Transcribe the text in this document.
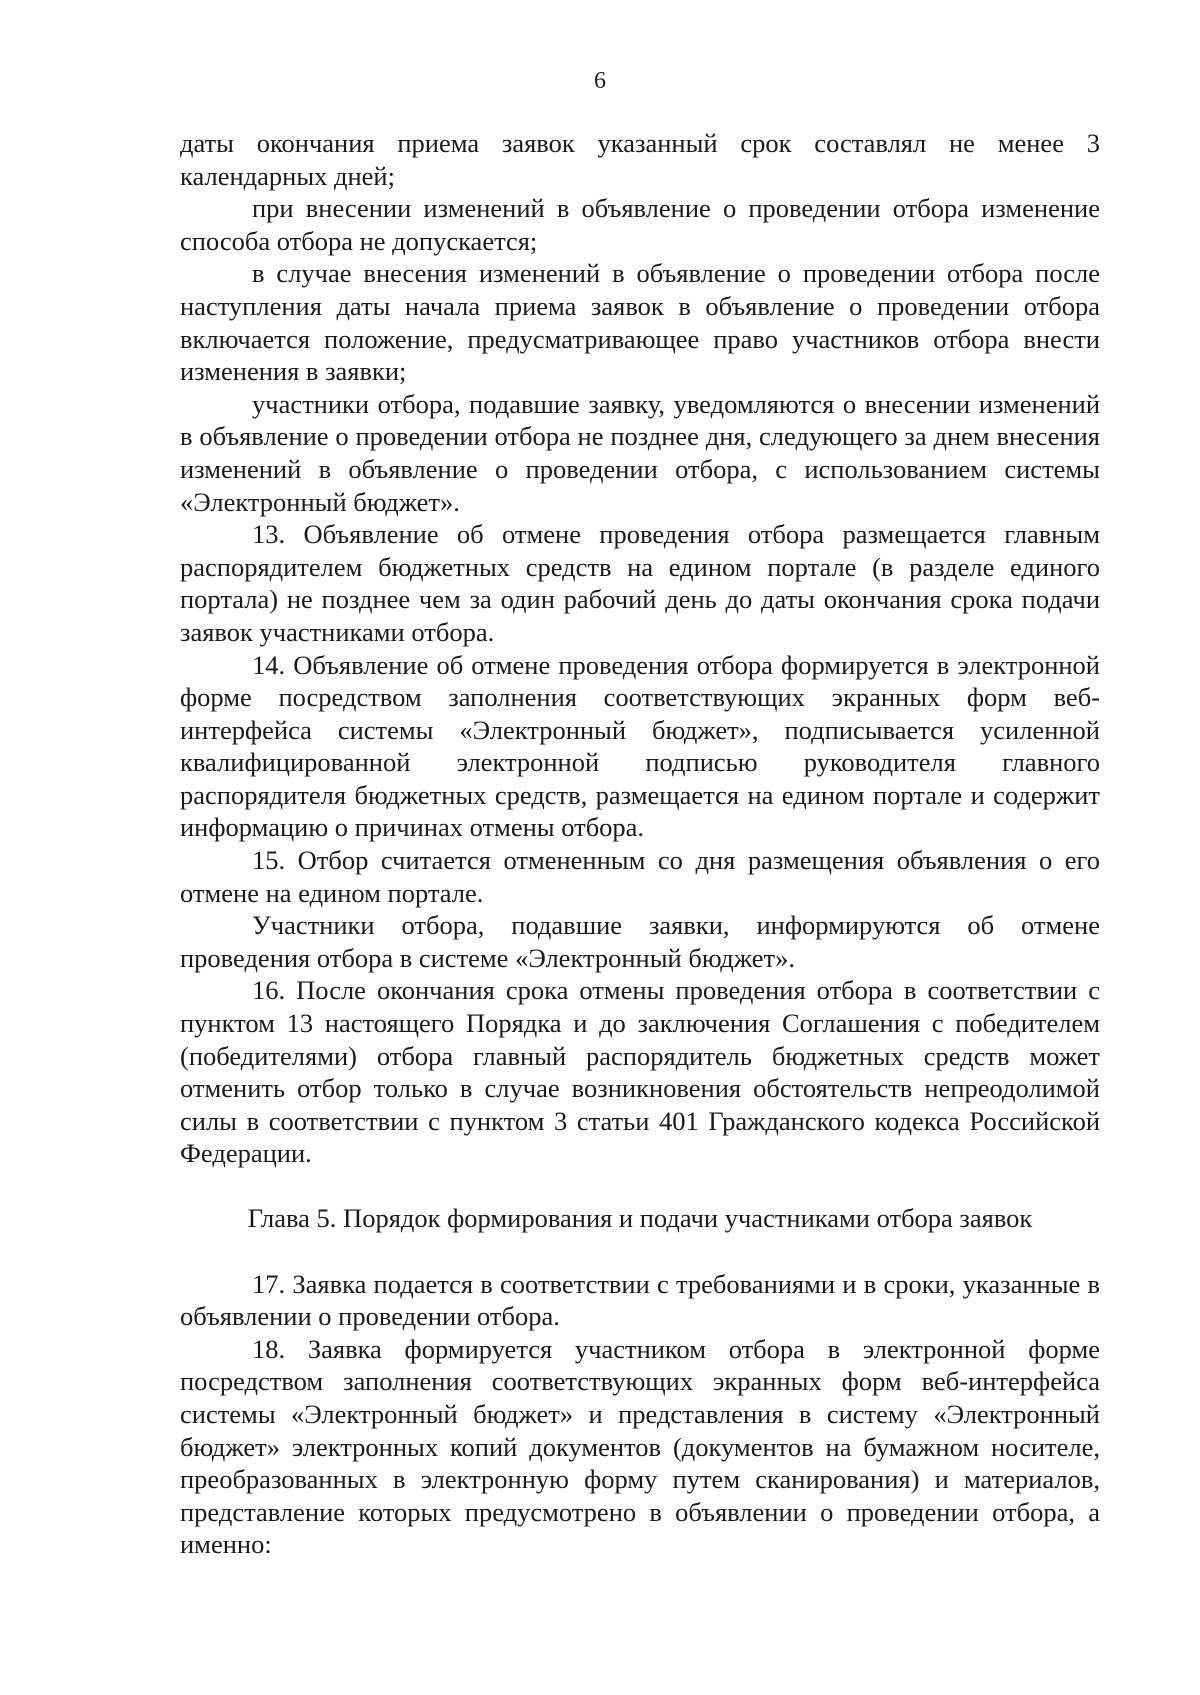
6

даты окончания приема заявок указанный срок составлял не менее 3 календарных дней;

при внесении изменений в объявление о проведении отбора изменение способа отбора не допускается;

в случае внесения изменений в объявление о проведении отбора после наступления даты начала приема заявок в объявление о проведении отбора включается положение, предусматривающее право участников отбора внести изменения в заявки;

участники отбора, подавшие заявку, уведомляются о внесении изменений в объявление о проведении отбора не позднее дня, следующего за днем внесения изменений в объявление о проведении отбора, с использованием системы «Электронный бюджет».

13. Объявление об отмене проведения отбора размещается главным распорядителем бюджетных средств на едином портале (в разделе единого портала) не позднее чем за один рабочий день до даты окончания срока подачи заявок участниками отбора.

14. Объявление об отмене проведения отбора формируется в электронной форме посредством заполнения соответствующих экранных форм веб-интерфейса системы «Электронный бюджет», подписывается усиленной квалифицированной электронной подписью руководителя главного распорядителя бюджетных средств, размещается на едином портале и содержит информацию о причинах отмены отбора.

15. Отбор считается отмененным со дня размещения объявления о его отмене на едином портале.

Участники отбора, подавшие заявки, информируются об отмене проведения отбора в системе «Электронный бюджет».

16. После окончания срока отмены проведения отбора в соответствии с пунктом 13 настоящего Порядка и до заключения Соглашения с победителем (победителями) отбора главный распорядитель бюджетных средств может отменить отбор только в случае возникновения обстоятельств непреодолимой силы в соответствии с пунктом 3 статьи 401 Гражданского кодекса Российской Федерации.

Глава 5. Порядок формирования и подачи участниками отбора заявок

17. Заявка подается в соответствии с требованиями и в сроки, указанные в объявлении о проведении отбора.

18. Заявка формируется участником отбора в электронной форме посредством заполнения соответствующих экранных форм веб-интерфейса системы «Электронный бюджет» и представления в систему «Электронный бюджет» электронных копий документов (документов на бумажном носителе, преобразованных в электронную форму путем сканирования) и материалов, представление которых предусмотрено в объявлении о проведении отбора, а именно:
